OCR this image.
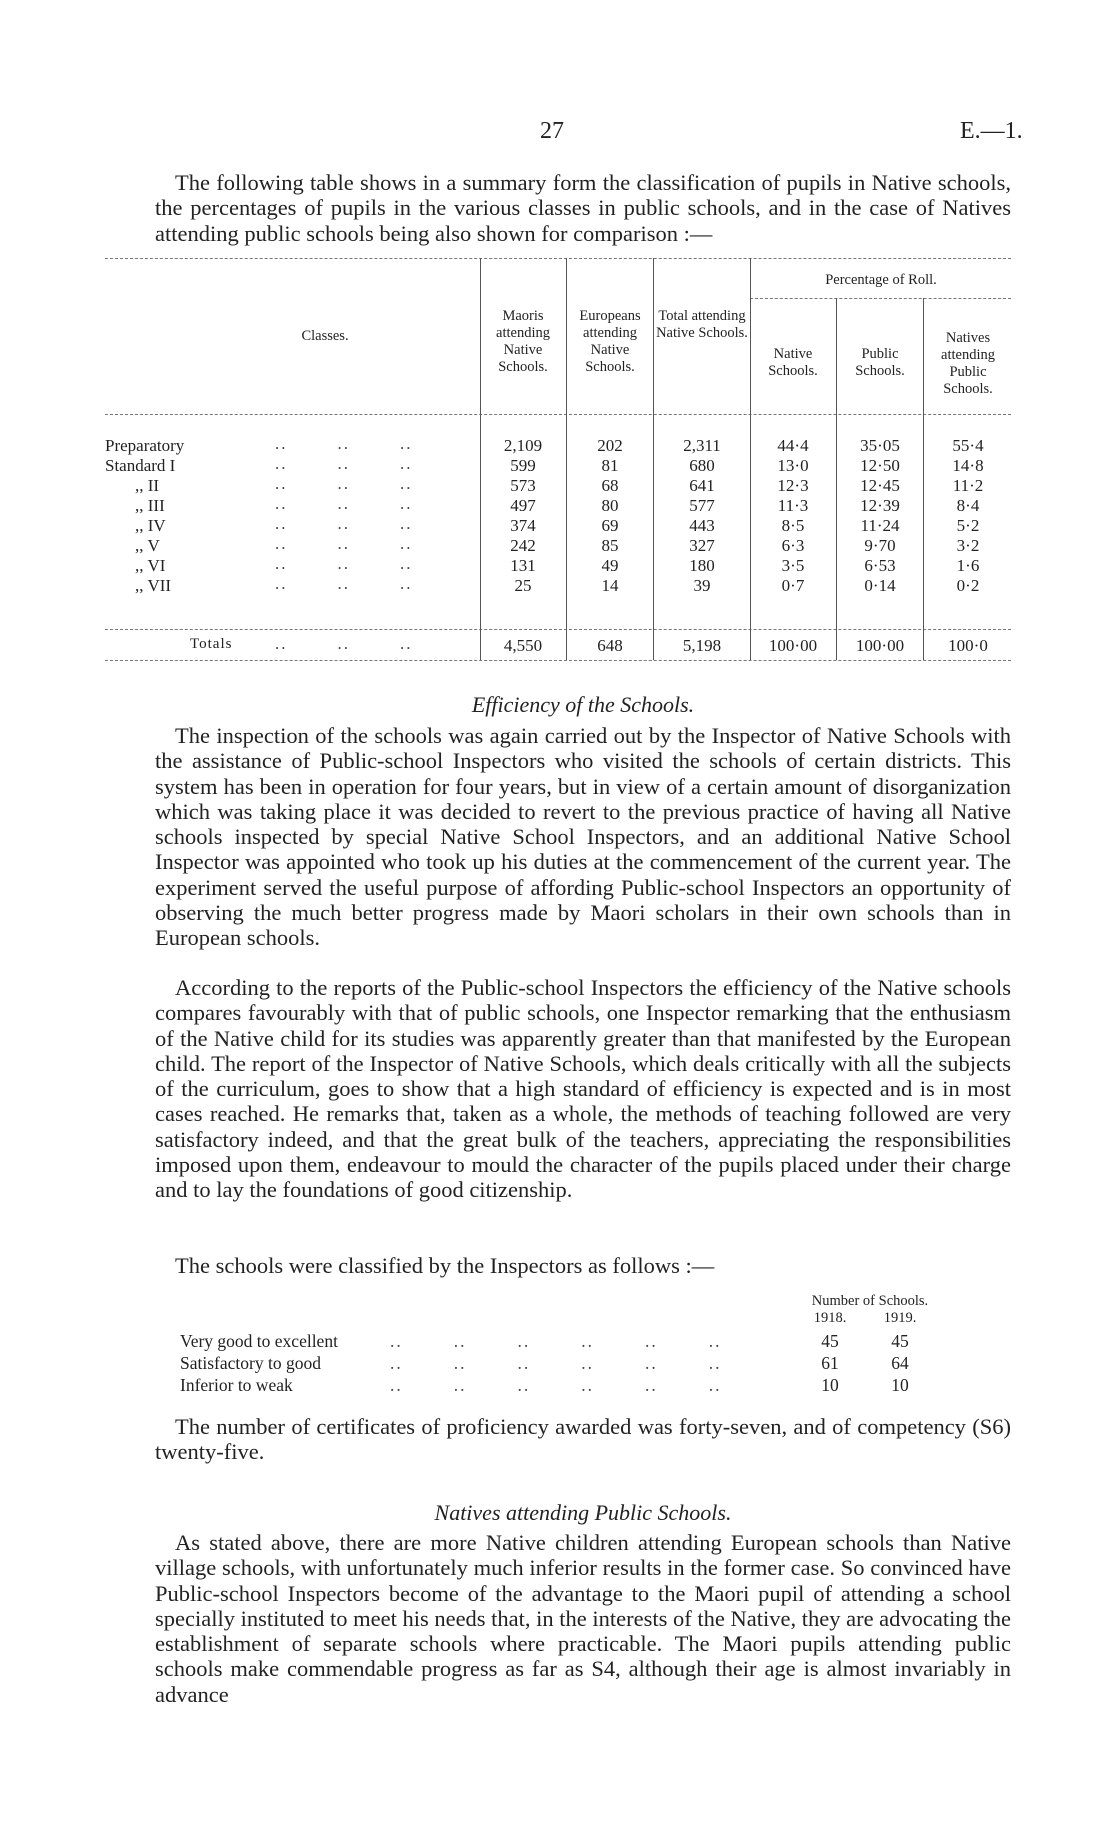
27	E.—1.
The following table shows in a summary form the classification of pupils in Native schools, the percentages of pupils in the various classes in public schools, and in the case of Natives attending public schools being also shown for comparison :—
Classes.
Maoris attending Native Schools.
Europeans attending Native Schools.
Total attending Native Schools.
Percentage of Roll.
Native Schools.
Public Schools.
Natives attending Public Schools.
Preparatory	..        ..        ..	2,109	202	2,311	44·4	35·05	55·4
Standard I	..        ..        ..	599	81	680	13·0	12·50	14·8
,, II	..        ..        ..	573	68	641	12·3	12·45	11·2
,, III	..        ..        ..	497	80	577	11·3	12·39	8·4
,, IV	..        ..        ..	374	69	443	8·5	11·24	5·2
,, V	..        ..        ..	242	85	327	6·3	9·70	3·2
,, VI	..        ..        ..	131	49	180	3·5	6·53	1·6
,, VII	..        ..        ..	25	14	39	0·7	0·14	0·2
Totals	..        ..        ..	4,550	648	5,198	100·00	100·00	100·0
Efficiency of the Schools.
The inspection of the schools was again carried out by the Inspector of Native Schools with the assistance of Public-school Inspectors who visited the schools of certain districts. This system has been in operation for four years, but in view of a certain amount of disorganization which was taking place it was decided to revert to the previous practice of having all Native schools inspected by special Native School Inspectors, and an additional Native School Inspector was appointed who took up his duties at the commencement of the current year. The experiment served the useful purpose of affording Public-school Inspectors an opportunity of observing the much better progress made by Maori scholars in their own schools than in European schools.
According to the reports of the Public-school Inspectors the efficiency of the Native schools compares favourably with that of public schools, one Inspector remarking that the enthusiasm of the Native child for its studies was apparently greater than that manifested by the European child. The report of the Inspector of Native Schools, which deals critically with all the subjects of the curriculum, goes to show that a high standard of efficiency is expected and is in most cases reached. He remarks that, taken as a whole, the methods of teaching followed are very satisfactory indeed, and that the great bulk of the teachers, appreciating the responsibilities imposed upon them, endeavour to mould the character of the pupils placed under their charge and to lay the foundations of good citizenship.
The schools were classified by the Inspectors as follows :—
Number of Schools.
1918.	1919.
Very good to excellent	..        ..        ..        ..        ..        ..	45	45
Satisfactory to good	..        ..        ..        ..        ..        ..	61	64
Inferior to weak	..        ..        ..        ..        ..        ..	10	10
The number of certificates of proficiency awarded was forty-seven, and of competency (S6) twenty-five.
Natives attending Public Schools.
As stated above, there are more Native children attending European schools than Native village schools, with unfortunately much inferior results in the former case. So convinced have Public-school Inspectors become of the advantage to the Maori pupil of attending a school specially instituted to meet his needs that, in the interests of the Native, they are advocating the establishment of separate schools where practicable. The Maori pupils attending public schools make commendable progress as far as S4, although their age is almost invariably in advance
